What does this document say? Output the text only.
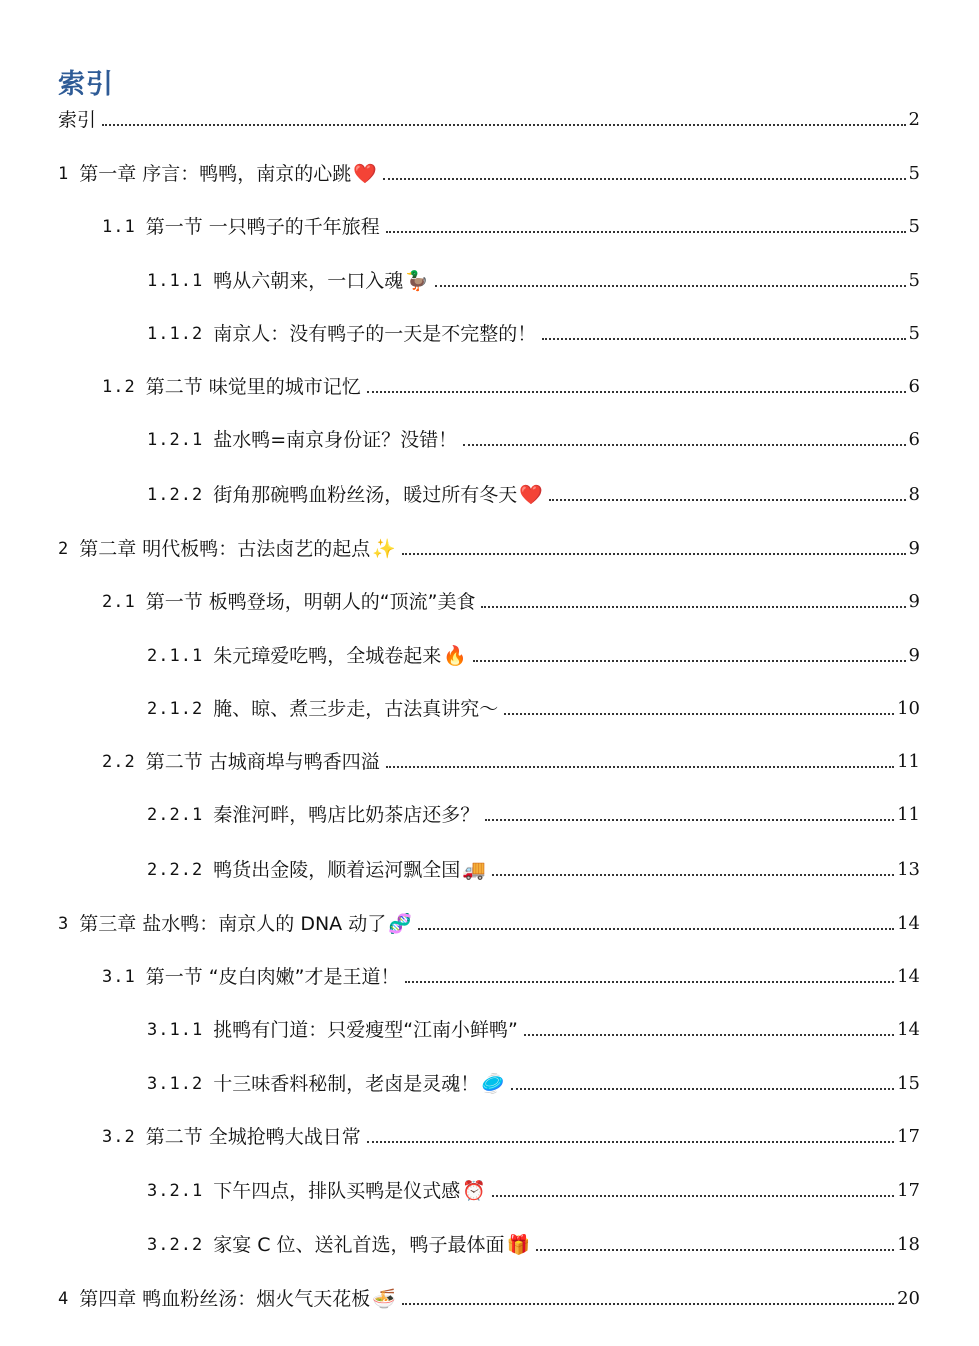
索引
索引	2
1 第一章 序言：鸭鸭，南京的心跳 ❤️	5
1.1 第一节 一只鸭子的千年旅程	5
1.1.1 鸭从六朝来，一口入魂 🦆	5
1.1.2 南京人：没有鸭子的一天是不完整的！	5
1.2 第二节 味觉里的城市记忆	6
1.2.1 盐水鸭=南京身份证？没错！	6
1.2.2 街角那碗鸭血粉丝汤，暖过所有冬天 ❤️	8
2 第二章 明代板鸭：古法卤艺的起点 ✨	9
2.1 第一节 板鸭登场，明朝人的“顶流”美食	9
2.1.1 朱元璋爱吃鸭，全城卷起来 🔥	9
2.1.2 腌、晾、煮三步走，古法真讲究～	10
2.2 第二节 古城商埠与鸭香四溢	11
2.2.1 秦淮河畔，鸭店比奶茶店还多？	11
2.2.2 鸭货出金陵，顺着运河飘全国 🚚	13
3 第三章 盐水鸭：南京人的 DNA 动了 🧬	14
3.1 第一节 “皮白肉嫩”才是王道！	14
3.1.1 挑鸭有门道：只爱瘦型“江南小鲜鸭”	14
3.1.2 十三味香料秘制，老卤是灵魂！ 🥏	15
3.2 第二节 全城抢鸭大战日常	17
3.2.1 下午四点，排队买鸭是仪式感 ⏰	17
3.2.2 家宴 C 位、送礼首选，鸭子最体面 🎁	18
4 第四章 鸭血粉丝汤：烟火气天花板 🍜	20
